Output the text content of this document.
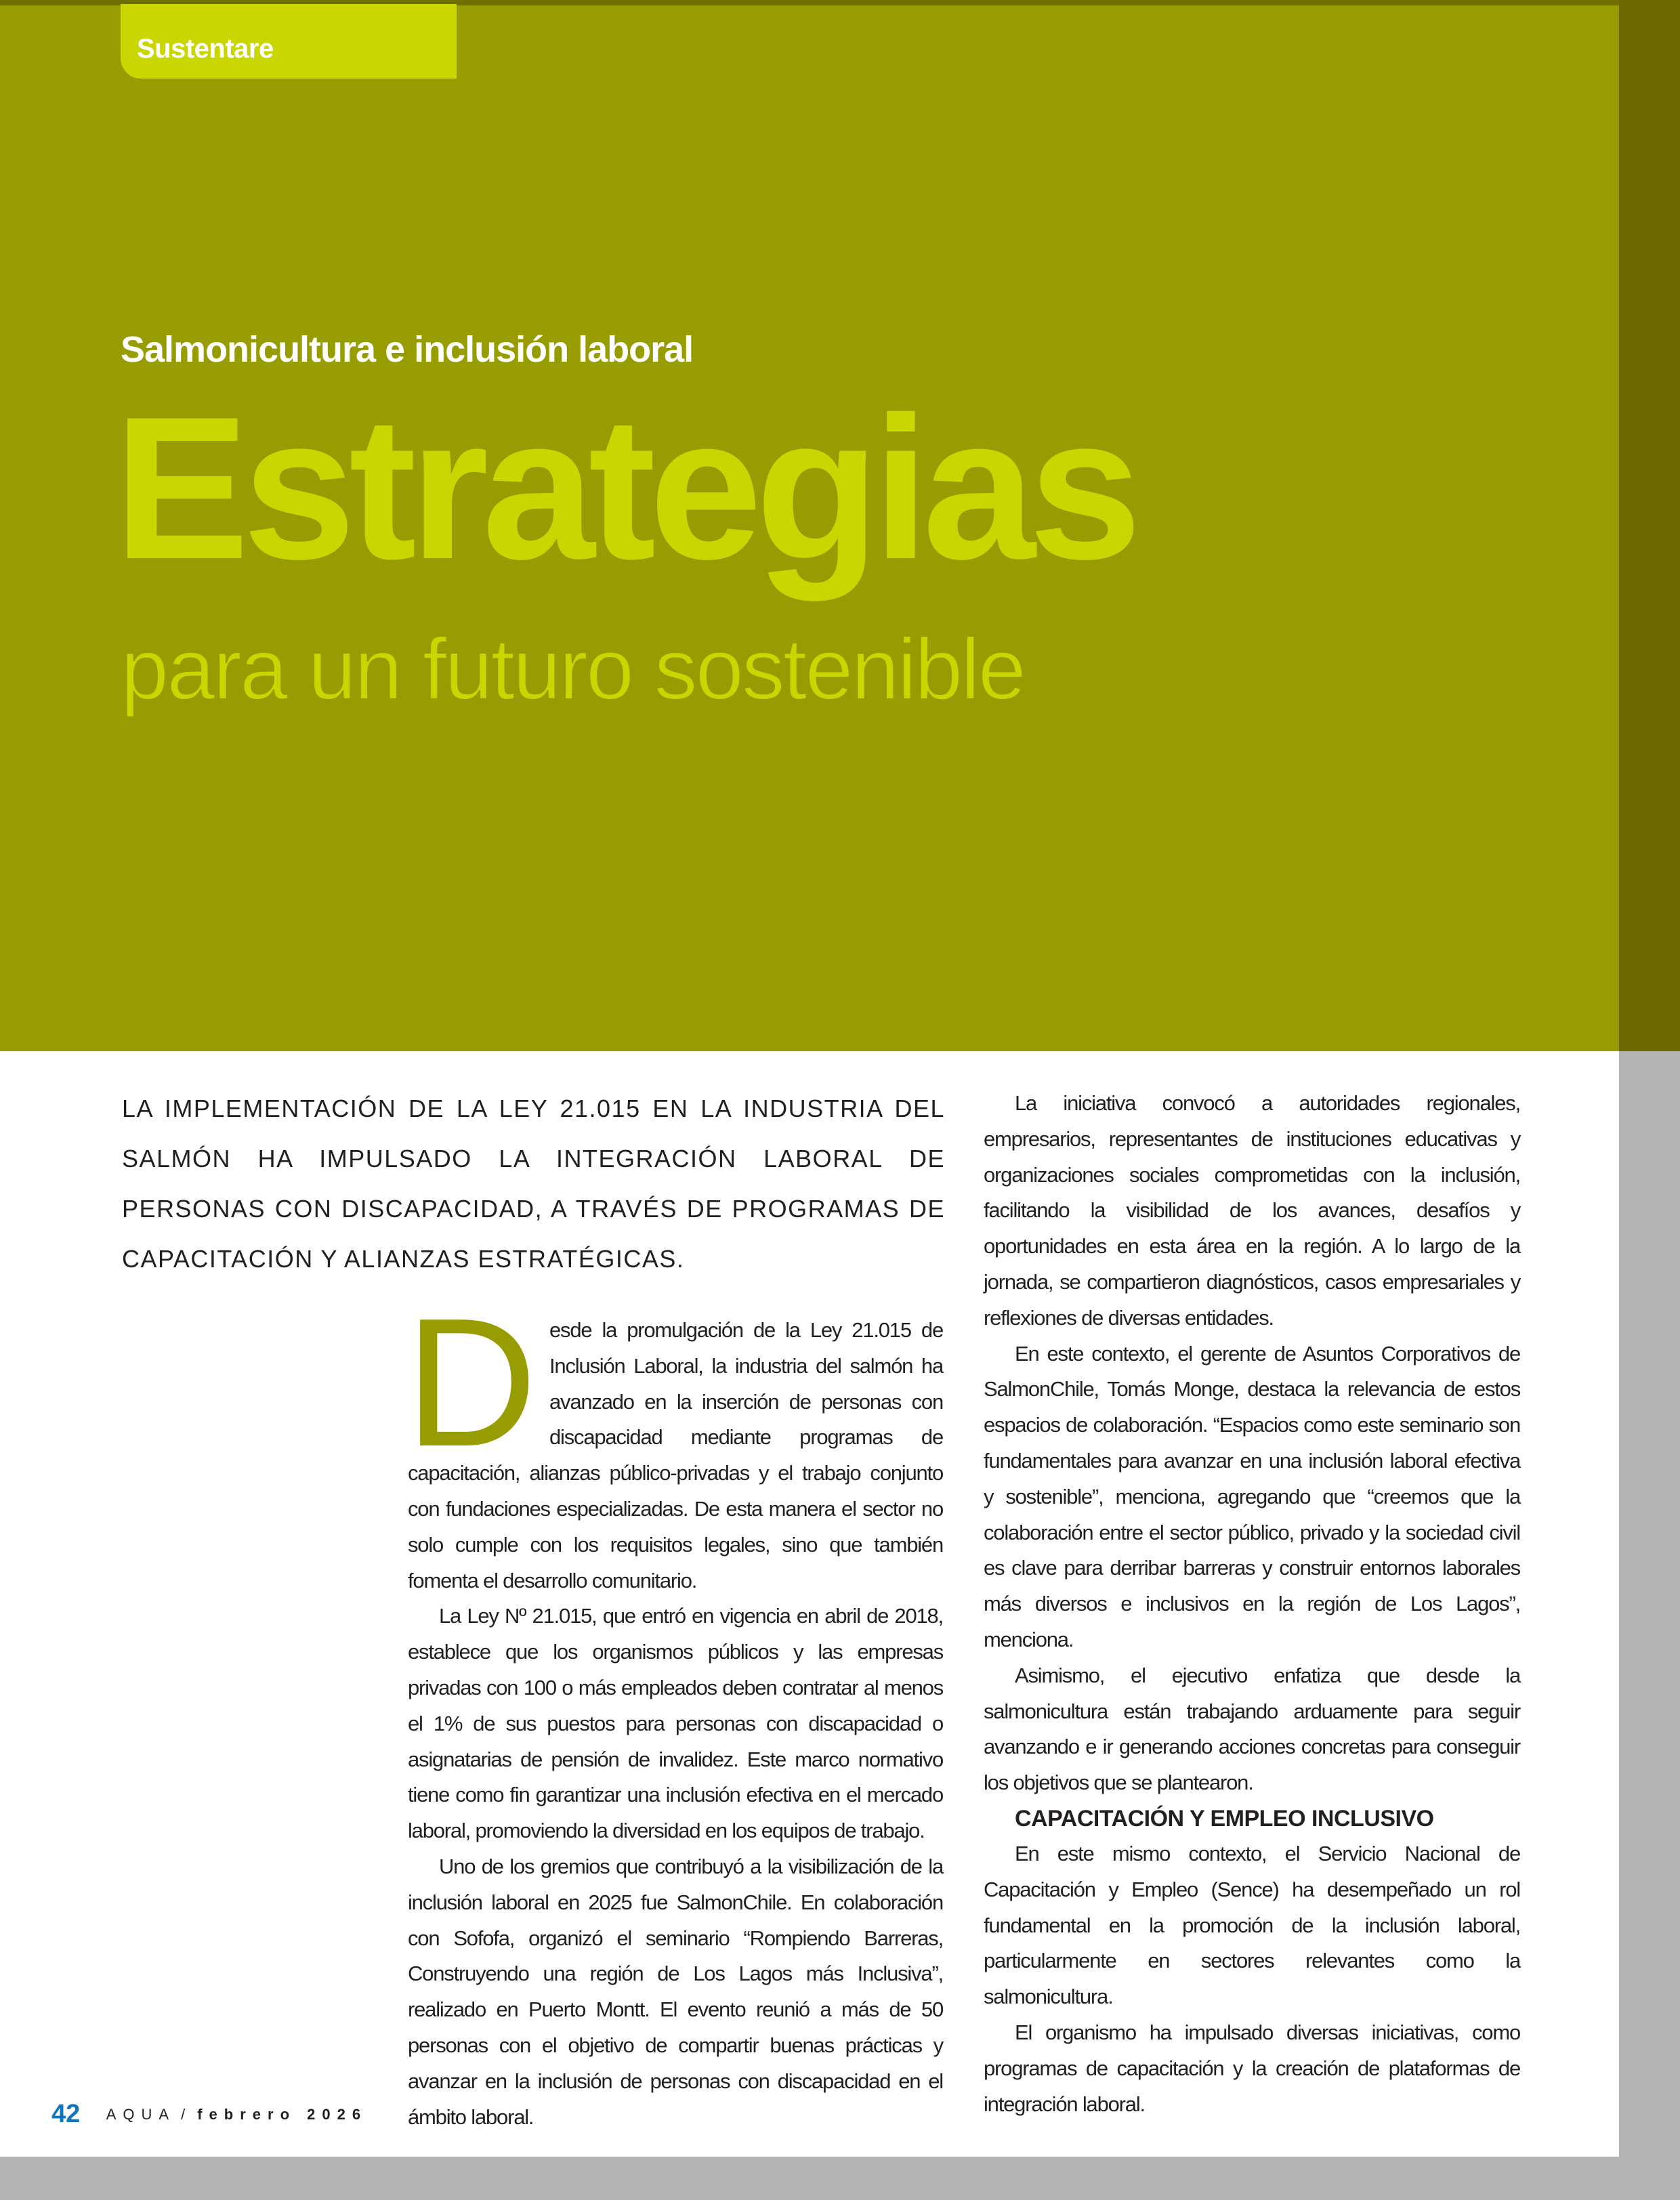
Sustentare
Salmonicultura e inclusión laboral
Estrategias
para un futuro sostenible
LA IMPLEMENTACIÓN DE LA LEY 21.015 EN LA INDUSTRIA DEL SALMÓN HA IMPULSADO LA INTEGRACIÓN LABORAL DE PERSONAS CON DISCAPACIDAD, A TRAVÉS DE PROGRAMAS DE CAPACITACIÓN Y ALIANZAS ESTRATÉGICAS.

Desde la promulgación de la Ley 21.015 de Inclusión Laboral, la industria del salmón ha avanzado en la inserción de personas con discapacidad mediante programas de capacitación, alianzas público-privadas y el trabajo conjunto con fundaciones especializadas. De esta manera el sector no solo cumple con los requisitos legales, sino que también fomenta el desarrollo comunitario.

La Ley Nº 21.015, que entró en vigencia en abril de 2018, establece que los organismos públicos y las empresas privadas con 100 o más empleados deben contratar al menos el 1% de sus puestos para personas con discapacidad o asignatarias de pensión de invalidez. Este marco normativo tiene como fin garantizar una inclusión efectiva en el mercado laboral, promoviendo la diversidad en los equipos de trabajo.

Uno de los gremios que contribuyó a la visibilización de la inclusión laboral en 2025 fue SalmonChile. En colaboración con Sofofa, organizó el seminario “Rompiendo Barreras, Construyendo una región de Los Lagos más Inclusiva”, realizado en Puerto Montt. El evento reunió a más de 50 personas con el objetivo de compartir buenas prácticas y avanzar en la inclusión de personas con discapacidad en el ámbito laboral.

La iniciativa convocó a autoridades regionales, empresarios, representantes de instituciones educativas y organizaciones sociales comprometidas con la inclusión, facilitando la visibilidad de los avances, desafíos y oportunidades en esta área en la región. A lo largo de la jornada, se compartieron diagnósticos, casos empresariales y reflexiones de diversas entidades.

En este contexto, el gerente de Asuntos Corporativos de SalmonChile, Tomás Monge, destaca la relevancia de estos espacios de colaboración. “Espacios como este seminario son fundamentales para avanzar en una inclusión laboral efectiva y sostenible”, menciona, agregando que “creemos que la colaboración entre el sector público, privado y la sociedad civil es clave para derribar barreras y construir entornos laborales más diversos e inclusivos en la región de Los Lagos”, menciona.

Asimismo, el ejecutivo enfatiza que desde la salmonicultura están trabajando arduamente para seguir avanzando e ir generando acciones concretas para conseguir los objetivos que se plantearon.

CAPACITACIÓN Y EMPLEO INCLUSIVO

En este mismo contexto, el Servicio Nacional de Capacitación y Empleo (Sence) ha desempeñado un rol fundamental en la promoción de la inclusión laboral, particularmente en sectores relevantes como la salmonicultura.

El organismo ha impulsado diversas iniciativas, como programas de capacitación y la creación de plataformas de integración laboral.

42 AQUA / febrero 2026
